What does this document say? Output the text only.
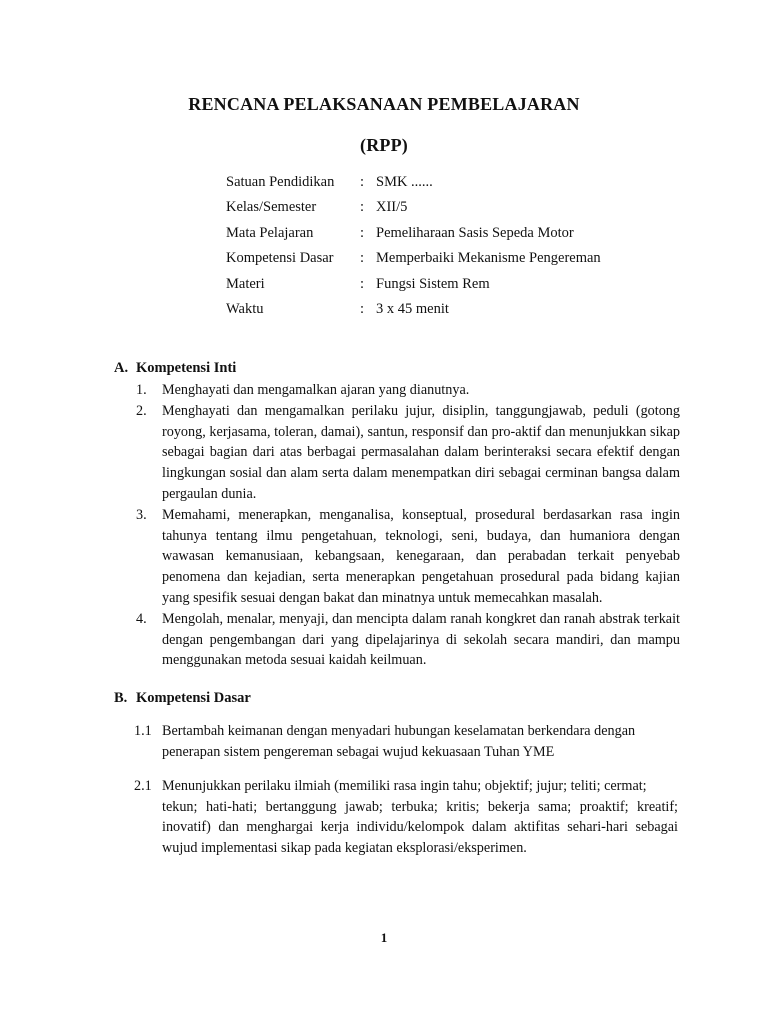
RENCANA PELAKSANAAN PEMBELAJARAN
(RPP)
Satuan Pendidikan : SMK ......
Kelas/Semester	: XII/5
Mata Pelajaran	: Pemeliharaan Sasis Sepeda Motor
Kompetensi Dasar : Memperbaiki Mekanisme Pengereman
Materi	: Fungsi Sistem Rem
Waktu	: 3 x 45 menit
A. Kompetensi Inti
1. Menghayati dan mengamalkan ajaran yang dianutnya.
2. Menghayati dan mengamalkan perilaku jujur, disiplin, tanggungjawab, peduli (gotong royong, kerjasama, toleran, damai), santun, responsif dan pro-aktif dan menunjukkan sikap sebagai bagian dari atas berbagai permasalahan dalam berinteraksi secara efektif dengan lingkungan sosial dan alam serta dalam menempatkan diri sebagai cerminan bangsa dalam pergaulan dunia.
3. Memahami, menerapkan, menganalisa, konseptual, prosedural berdasarkan rasa ingin tahunya tentang ilmu pengetahuan, teknologi, seni, budaya, dan humaniora dengan wawasan kemanusiaan, kebangsaan, kenegaraan, dan perabadan terkait penyebab penomena dan kejadian, serta menerapkan pengetahuan prosedural pada bidang kajian yang spesifik sesuai dengan bakat dan minatnya untuk memecahkan masalah.
4. Mengolah, menalar, menyaji, dan mencipta dalam ranah kongkret dan ranah abstrak terkait dengan pengembangan dari yang dipelajarinya di sekolah secara mandiri, dan mampu menggunakan metoda sesuai kaidah keilmuan.
B. Kompetensi Dasar
1.1 Bertambah keimanan dengan menyadari hubungan keselamatan berkendara dengan
penerapan sistem pengereman sebagai wujud kekuasaan Tuhan YME
2.1 Menunjukkan perilaku ilmiah (memiliki rasa ingin tahu; objektif; jujur; teliti; cermat;
tekun; hati-hati; bertanggung jawab; terbuka; kritis; bekerja sama; proaktif; kreatif; inovatif) dan menghargai kerja individu/kelompok dalam aktifitas sehari-hari sebagai wujud implementasi sikap pada kegiatan eksplorasi/eksperimen.
1
